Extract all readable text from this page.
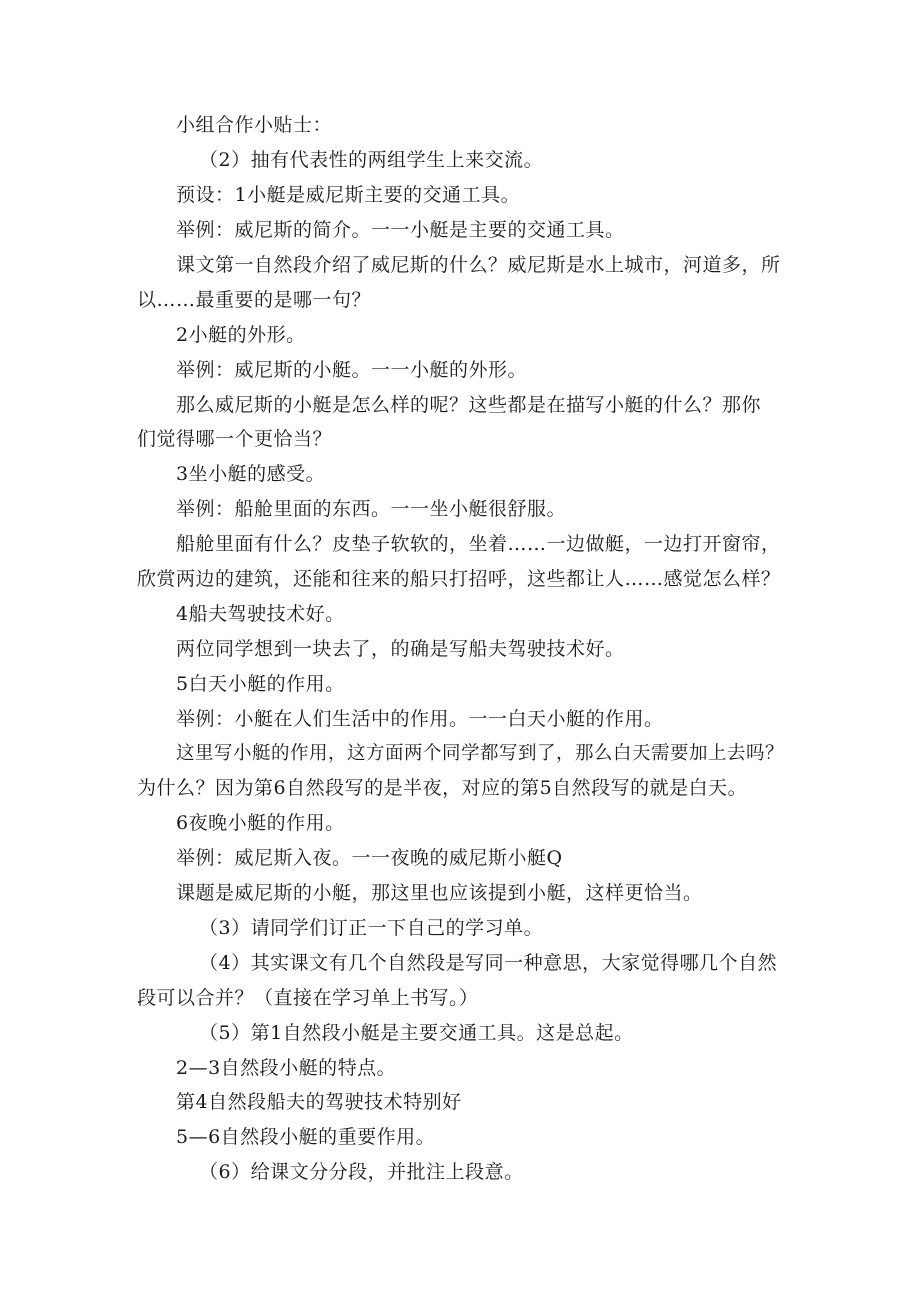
小组合作小贴士：
（2）抽有代表性的两组学生上来交流。
预设：1小艇是威尼斯主要的交通工具。
举例：威尼斯的简介。一一小艇是主要的交通工具。
课文第一自然段介绍了威尼斯的什么？威尼斯是水上城市，河道多，所
以……最重要的是哪一句？
2小艇的外形。
举例：威尼斯的小艇。一一小艇的外形。
那么威尼斯的小艇是怎么样的呢？这些都是在描写小艇的什么？那你
们觉得哪一个更恰当？
3坐小艇的感受。
举例：船舱里面的东西。一一坐小艇很舒服。
船舱里面有什么？皮垫子软软的，坐着……一边做艇，一边打开窗帘，
欣赏两边的建筑，还能和往来的船只打招呼，这些都让人……感觉怎么样？
4船夫驾驶技术好。
两位同学想到一块去了，的确是写船夫驾驶技术好。
5白天小艇的作用。
举例：小艇在人们生活中的作用。一一白天小艇的作用。
这里写小艇的作用，这方面两个同学都写到了，那么白天需要加上去吗？
为什么？因为第6自然段写的是半夜，对应的第5自然段写的就是白天。
6夜晚小艇的作用。
举例：威尼斯入夜。一一夜晚的威尼斯小艇Q
课题是威尼斯的小艇，那这里也应该提到小艇，这样更恰当。
（3）请同学们订正一下自己的学习单。
（4）其实课文有几个自然段是写同一种意思，大家觉得哪几个自然
段可以合并？（直接在学习单上书写。）
（5）第1自然段小艇是主要交通工具。这是总起。
2—3自然段小艇的特点。
第4自然段船夫的驾驶技术特别好
5—6自然段小艇的重要作用。
（6）给课文分分段，并批注上段意。
